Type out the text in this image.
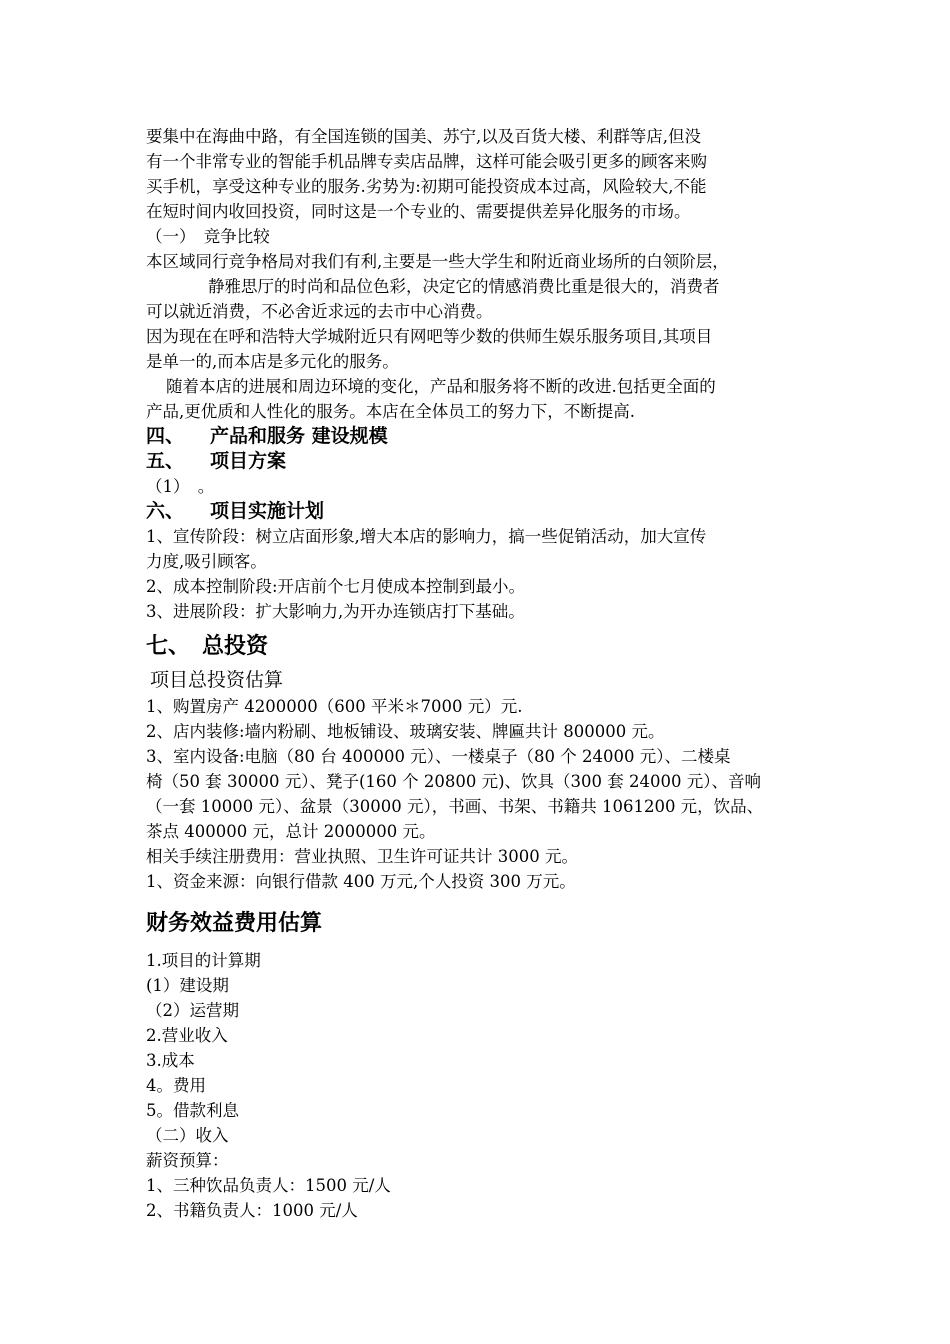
要集中在海曲中路，有全国连锁的国美、苏宁,以及百货大楼、利群等店,但没

有一个非常专业的智能手机品牌专卖店品牌，这样可能会吸引更多的顾客来购

买手机，享受这种专业的服务.劣势为:初期可能投资成本过高，风险较大,不能

在短时间内收回投资，同时这是一个专业的、需要提供差异化服务的市场。

（一）　竞争比较

本区域同行竞争格局对我们有利,主要是一些大学生和附近商业场所的白领阶层，

静雅思厅的时尚和品位色彩，决定它的情感消费比重是很大的，消费者

可以就近消费，不必舍近求远的去市中心消费。

因为现在在呼和浩特大学城附近只有网吧等少数的供师生娱乐服务项目,其项目

是单一的,而本店是多元化的服务。

随着本店的进展和周边环境的变化，产品和服务将不断的改进.包括更全面的

产品,更优质和人性化的服务。本店在全体员工的努力下，不断提高.

四、 产品和服务 建设规模

五、 项目方案

（1）　。

六、 项目实施计划

1、宣传阶段：树立店面形象,增大本店的影响力，搞一些促销活动，加大宣传

力度,吸引顾客。

2、成本控制阶段:开店前个七月使成本控制到最小。

3、进展阶段：扩大影响力,为开办连锁店打下基础。

七、 总投资

项目总投资估算

1、购置房产 4200000（600 平米＊7000 元）元.

2、店内装修:墙内粉刷、地板铺设、玻璃安装、牌匾共计 800000 元。

3、室内设备:电脑（80 台 400000 元）、一楼桌子（80 个 24000 元）、二楼桌

椅（50 套 30000 元）、凳子(160 个 20800 元)、饮具（300 套 24000 元）、音响

（一套 10000 元）、盆景（30000 元），书画、书架、书籍共 1061200 元，饮品、

茶点 400000 元，总计 2000000 元。

相关手续注册费用：营业执照、卫生许可证共计 3000 元。

1、资金来源：向银行借款 400 万元,个人投资 300 万元。

财务效益费用估算

1.项目的计算期

(1）建设期

（2）运营期

2.营业收入

3.成本

4。费用

5。借款利息

（二）收入

薪资预算：

1、三种饮品负责人：1500 元/人

2、书籍负责人：1000 元/人
